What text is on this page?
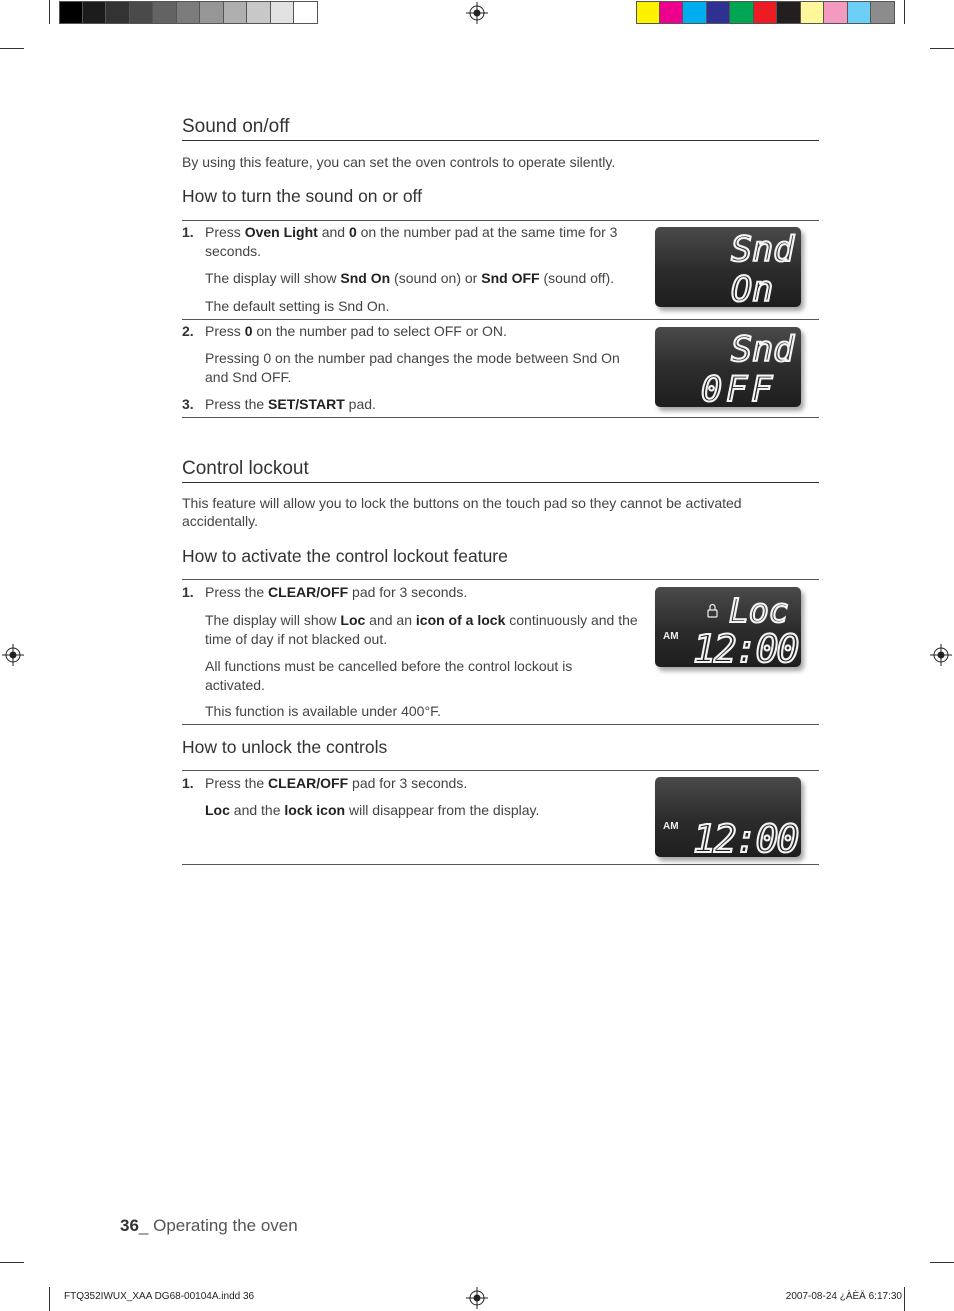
Sound on/off
By using this feature, you can set the oven controls to operate silently.
How to turn the sound on or off
1. Press Oven Light and 0 on the number pad at the same time for 3 seconds.
The display will show Snd On (sound on) or Snd OFF (sound off).
The default setting is Snd On.
2. Press 0 on the number pad to select OFF or ON.
Pressing 0 on the number pad changes the mode between Snd On and Snd OFF.
3. Press the SET/START pad.
Snd
On
Snd
0FF
Control lockout
This feature will allow you to lock the buttons on the touch pad so they cannot be activated accidentally.
How to activate the control lockout feature
1. Press the CLEAR/OFF pad for 3 seconds.
The display will show Loc and an icon of a lock continuously and the time of day if not blacked out.
All functions must be cancelled before the control lockout is activated.
This function is available under 400°F.
Loc
12:00
AM
How to unlock the controls
1. Press the CLEAR/OFF pad for 3 seconds.
Loc and the lock icon will disappear from the display.
12:00
AM
36_ Operating the oven
FTQ352IWUX_XAA DG68-00104A.indd 36	2007-08-24 ¿ÀÈÄ 6:17:30
